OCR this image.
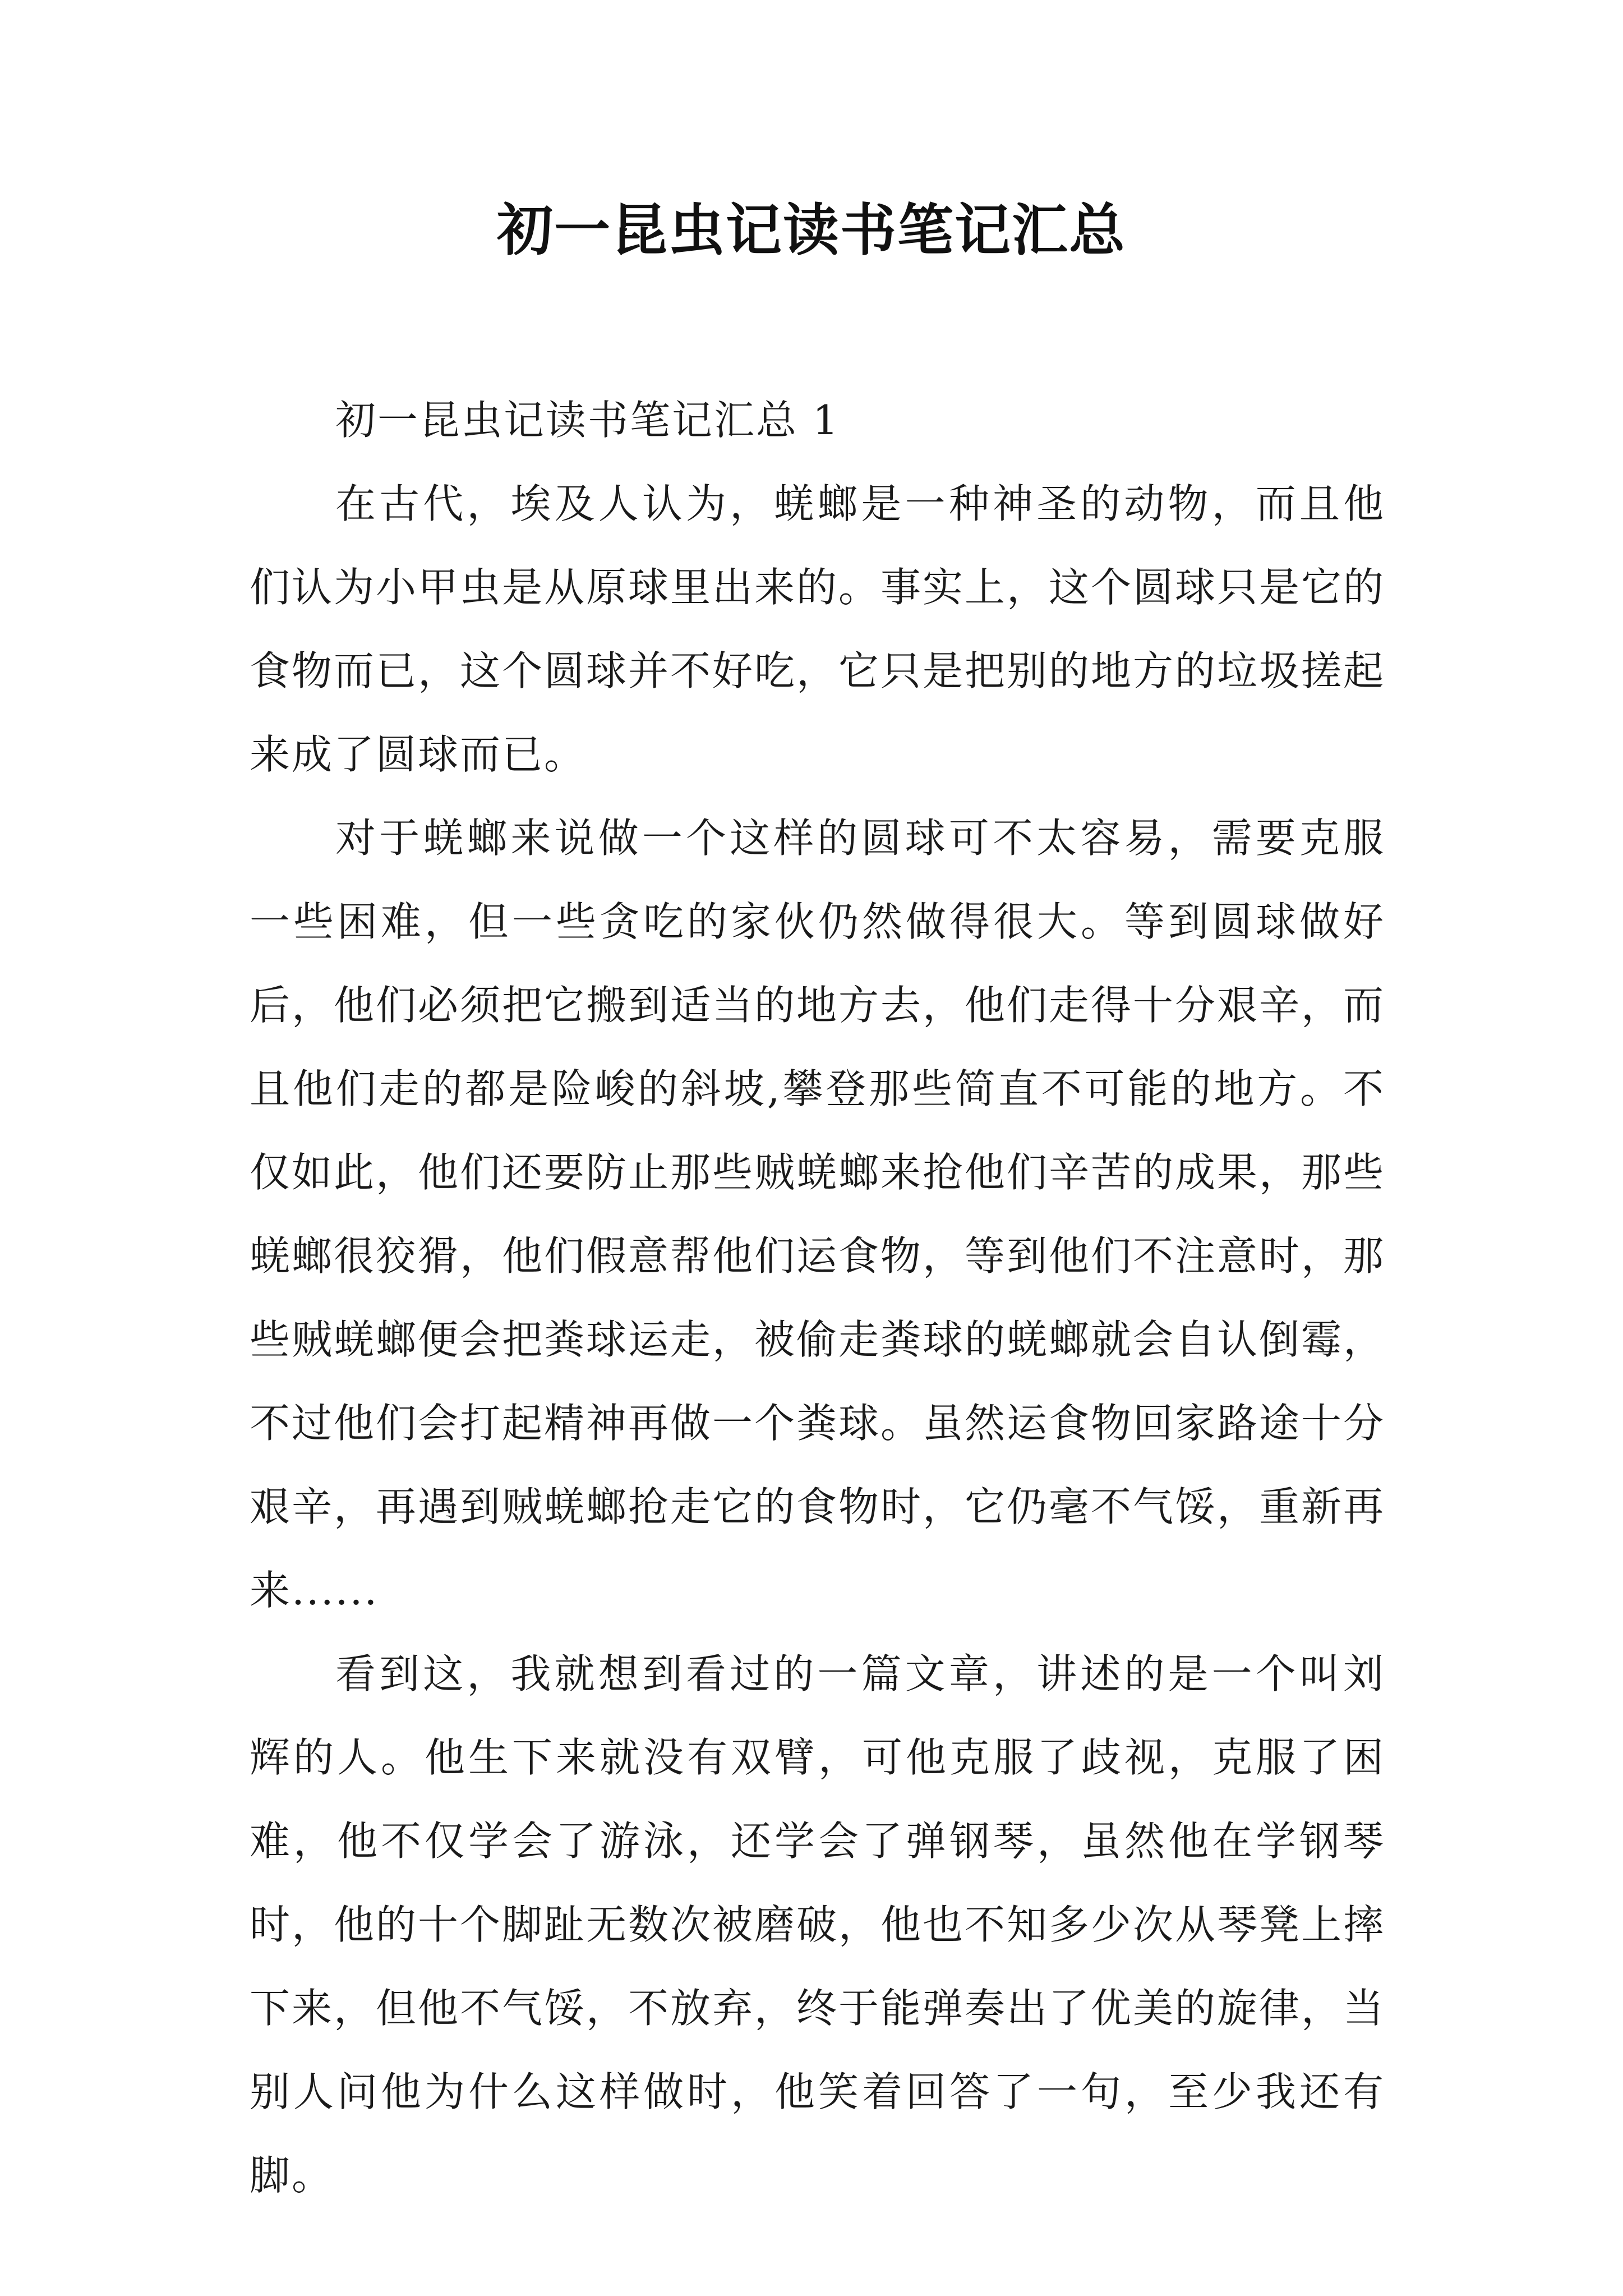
初一昆虫记读书笔记汇总

初一昆虫记读书笔记汇总 1

在古代，埃及人认为，蜣螂是一种神圣的动物，而且他们认为小甲虫是从原球里出来的。事实上，这个圆球只是它的食物而已，这个圆球并不好吃，它只是把别的地方的垃圾搓起来成了圆球而已。

对于蜣螂来说做一个这样的圆球可不太容易，需要克服一些困难，但一些贪吃的家伙仍然做得很大。等到圆球做好后，他们必须把它搬到适当的地方去，他们走得十分艰辛，而且他们走的都是险峻的斜坡,攀登那些简直不可能的地方。不仅如此，他们还要防止那些贼蜣螂来抢他们辛苦的成果，那些蜣螂很狡猾，他们假意帮他们运食物，等到他们不注意时，那些贼蜣螂便会把粪球运走，被偷走粪球的蜣螂就会自认倒霉，不过他们会打起精神再做一个粪球。虽然运食物回家路途十分艰辛，再遇到贼蜣螂抢走它的食物时，它仍毫不气馁，重新再来......

看到这，我就想到看过的一篇文章，讲述的是一个叫刘辉的人。他生下来就没有双臂，可他克服了歧视，克服了困难，他不仅学会了游泳，还学会了弹钢琴，虽然他在学钢琴时，他的十个脚趾无数次被磨破，他也不知多少次从琴凳上摔下来，但他不气馁，不放弃，终于能弹奏出了优美的旋律，当别人问他为什么这样做时，他笑着回答了一句，至少我还有脚。
